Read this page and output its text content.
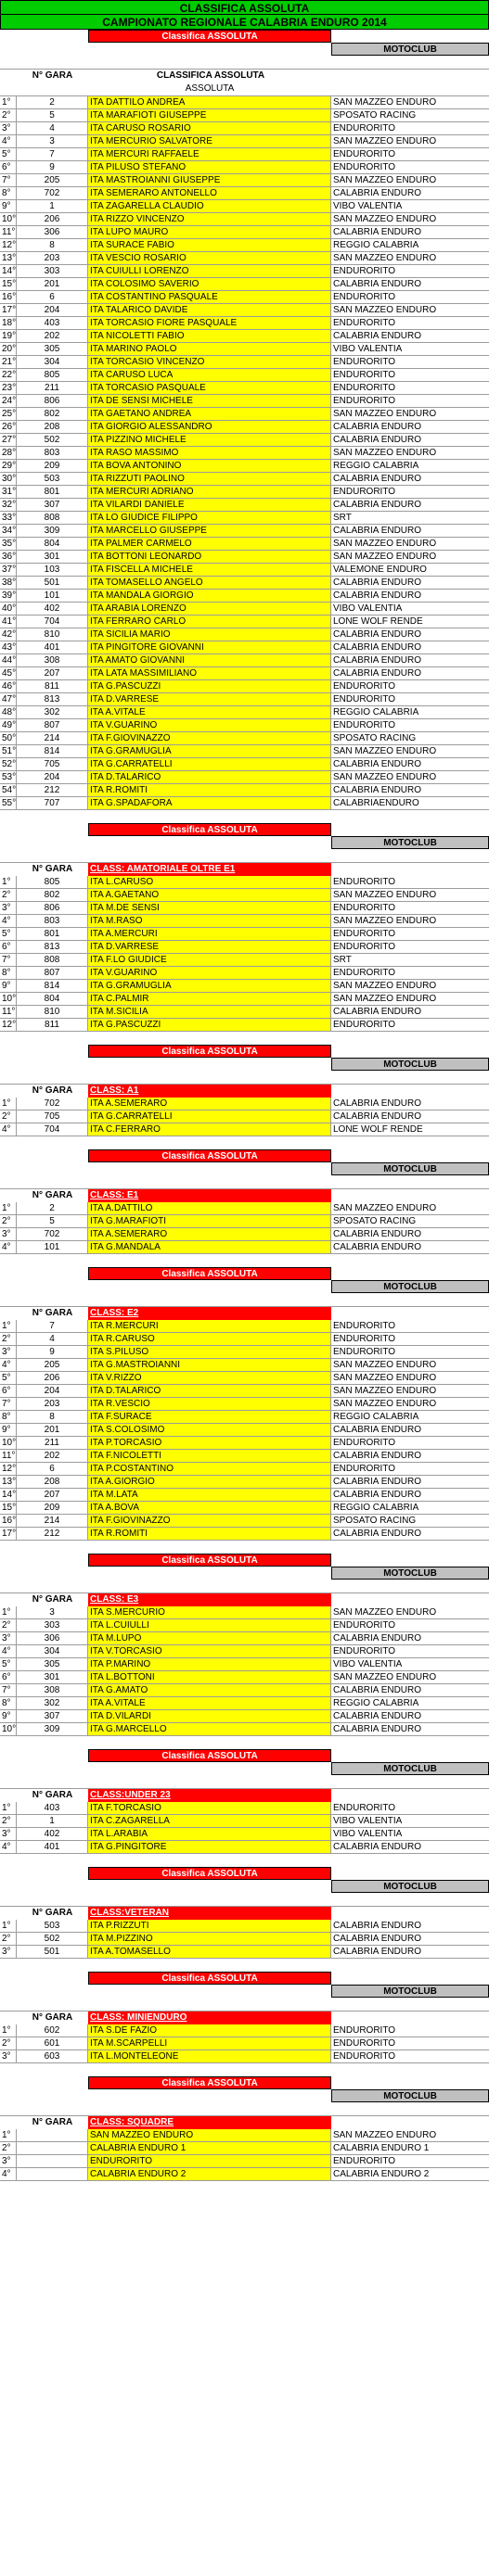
CLASSIFICA ASSOLUTA
CAMPIONATO REGIONALE CALABRIA ENDURO 2014
Classifica ASSOLUTA
MOTOCLUB
N° GARA	CLASSIFICA ASSOLUTA
ASSOLUTA
1°	2	ITA DATTILO ANDREA	SAN MAZZEO ENDURO
2°	5	ITA MARAFIOTI GIUSEPPE	SPOSATO RACING
3°	4	ITA CARUSO ROSARIO	ENDURORITO
4°	3	ITA MERCURIO SALVATORE	SAN MAZZEO ENDURO
5°	7	ITA MERCURI RAFFAELE	ENDURORITO
6°	9	ITA PILUSO STEFANO	ENDURORITO
7°	205	ITA MASTROIANNI GIUSEPPE	SAN MAZZEO ENDURO
8°	702	ITA SEMERARO ANTONELLO	CALABRIA ENDURO
9°	1	ITA ZAGARELLA CLAUDIO	VIBO VALENTIA
10°	206	ITA RIZZO VINCENZO	SAN MAZZEO ENDURO
11°	306	ITA LUPO MAURO	CALABRIA ENDURO
12°	8	ITA SURACE FABIO	REGGIO CALABRIA
13°	203	ITA VESCIO ROSARIO	SAN MAZZEO ENDURO
14°	303	ITA CUIULLI LORENZO	ENDURORITO
15°	201	ITA COLOSIMO SAVERIO	CALABRIA ENDURO
16°	6	ITA COSTANTINO PASQUALE	ENDURORITO
17°	204	ITA TALARICO DAVIDE	SAN MAZZEO ENDURO
18°	403	ITA TORCASIO FIORE PASQUALE	ENDURORITO
19°	202	ITA NICOLETTI FABIO	CALABRIA ENDURO
20°	305	ITA MARINO PAOLO	VIBO VALENTIA
21°	304	ITA TORCASIO VINCENZO	ENDURORITO
22°	805	ITA CARUSO LUCA	ENDURORITO
23°	211	ITA TORCASIO PASQUALE	ENDURORITO
24°	806	ITA DE SENSI MICHELE	ENDURORITO
25°	802	ITA GAETANO ANDREA	SAN MAZZEO ENDURO
26°	208	ITA GIORGIO ALESSANDRO	CALABRIA ENDURO
27°	502	ITA PIZZINO MICHELE	CALABRIA ENDURO
28°	803	ITA RASO MASSIMO	SAN MAZZEO ENDURO
29°	209	ITA BOVA ANTONINO	REGGIO CALABRIA
30°	503	ITA RIZZUTI PAOLINO	CALABRIA ENDURO
31°	801	ITA MERCURI ADRIANO	ENDURORITO
32°	307	ITA VILARDI DANIELE	CALABRIA ENDURO
33°	808	ITA LO GIUDICE FILIPPO	SRT
34°	309	ITA MARCELLO GIUSEPPE	CALABRIA ENDURO
35°	804	ITA PALMER CARMELO	SAN MAZZEO ENDURO
36°	301	ITA BOTTONI LEONARDO	SAN MAZZEO ENDURO
37°	103	ITA FISCELLA MICHELE	VALEMONE ENDURO
38°	501	ITA TOMASELLO ANGELO	CALABRIA ENDURO
39°	101	ITA MANDALA GIORGIO	CALABRIA ENDURO
40°	402	ITA ARABIA LORENZO	VIBO VALENTIA
41°	704	ITA FERRARO CARLO	LONE WOLF RENDE
42°	810	ITA SICILIA MARIO	CALABRIA ENDURO
43°	401	ITA PINGITORE GIOVANNI	CALABRIA ENDURO
44°	308	ITA AMATO GIOVANNI	CALABRIA ENDURO
45°	207	ITA LATA MASSIMILIANO	CALABRIA ENDURO
46°	811	ITA G.PASCUZZI	ENDURORITO
47°	813	ITA D.VARRESE	ENDURORITO
48°	302	ITA A.VITALE	REGGIO CALABRIA
49°	807	ITA V.GUARINO	ENDURORITO
50°	214	ITA F.GIOVINAZZO	SPOSATO RACING
51°	814	ITA G.GRAMUGLIA	SAN MAZZEO ENDURO
52°	705	ITA G.CARRATELLI	CALABRIA ENDURO
53°	204	ITA D.TALARICO	SAN MAZZEO ENDURO
54°	212	ITA R.ROMITI	CALABRIA ENDURO
55°	707	ITA G.SPADAFORA	CALABRIAENDURO
Classifica ASSOLUTA
MOTOCLUB
N° GARA	CLASS: AMATORIALE OLTRE E1
1°	805	ITA L.CARUSO	ENDURORITO
2°	802	ITA A.GAETANO	SAN MAZZEO ENDURO
3°	806	ITA M.DE SENSI	ENDURORITO
4°	803	ITA M.RASO	SAN MAZZEO ENDURO
5°	801	ITA A.MERCURI	ENDURORITO
6°	813	ITA D.VARRESE	ENDURORITO
7°	808	ITA F.LO GIUDICE	SRT
8°	807	ITA V.GUARINO	ENDURORITO
9°	814	ITA G.GRAMUGLIA	SAN MAZZEO ENDURO
10°	804	ITA C.PALMIR	SAN MAZZEO ENDURO
11°	810	ITA M.SICILIA	CALABRIA ENDURO
12°	811	ITA G.PASCUZZI	ENDURORITO
Classifica ASSOLUTA
MOTOCLUB
N° GARA	CLASS: A1
1°	702	ITA A.SEMERARO	CALABRIA ENDURO
2°	705	ITA G.CARRATELLI	CALABRIA ENDURO
4°	704	ITA C.FERRARO	LONE WOLF RENDE
Classifica ASSOLUTA
MOTOCLUB
N° GARA	CLASS: E1
1°	2	ITA A.DATTILO	SAN MAZZEO ENDURO
2°	5	ITA G.MARAFIOTI	SPOSATO RACING
3°	702	ITA A.SEMERARO	CALABRIA ENDURO
4°	101	ITA G.MANDALA	CALABRIA ENDURO
Classifica ASSOLUTA
MOTOCLUB
N° GARA	CLASS: E2
1°	7	ITA R.MERCURI	ENDURORITO
2°	4	ITA R.CARUSO	ENDURORITO
3°	9	ITA S.PILUSO	ENDURORITO
4°	205	ITA G.MASTROIANNI	SAN MAZZEO ENDURO
5°	206	ITA V.RIZZO	SAN MAZZEO ENDURO
6°	204	ITA D.TALARICO	SAN MAZZEO ENDURO
7°	203	ITA R.VESCIO	SAN MAZZEO ENDURO
8°	8	ITA F.SURACE	REGGIO CALABRIA
9°	201	ITA S.COLOSIMO	CALABRIA ENDURO
10°	211	ITA P.TORCASIO	ENDURORITO
11°	202	ITA F.NICOLETTI	CALABRIA ENDURO
12°	6	ITA P.COSTANTINO	ENDURORITO
13°	208	ITA A.GIORGIO	CALABRIA ENDURO
14°	207	ITA M.LATA	CALABRIA ENDURO
15°	209	ITA A.BOVA	REGGIO CALABRIA
16°	214	ITA F.GIOVINAZZO	SPOSATO RACING
17°	212	ITA R.ROMITI	CALABRIA ENDURO
Classifica ASSOLUTA
MOTOCLUB
N° GARA	CLASS: E3
1°	3	ITA S.MERCURIO	SAN MAZZEO ENDURO
2°	303	ITA L.CUIULLI	ENDURORITO
3°	306	ITA M.LUPO	CALABRIA ENDURO
4°	304	ITA V.TORCASIO	ENDURORITO
5°	305	ITA P.MARINO	VIBO VALENTIA
6°	301	ITA L.BOTTONI	SAN MAZZEO ENDURO
7°	308	ITA G.AMATO	CALABRIA ENDURO
8°	302	ITA A.VITALE	REGGIO CALABRIA
9°	307	ITA D.VILARDI	CALABRIA ENDURO
10°	309	ITA G.MARCELLO	CALABRIA ENDURO
Classifica ASSOLUTA
MOTOCLUB
N° GARA	CLASS:UNDER 23
1°	403	ITA F.TORCASIO	ENDURORITO
2°	1	ITA C.ZAGARELLA	VIBO VALENTIA
3°	402	ITA L.ARABIA	VIBO VALENTIA
4°	401	ITA G.PINGITORE	CALABRIA ENDURO
Classifica ASSOLUTA
MOTOCLUB
N° GARA	CLASS:VETERAN
1°	503	ITA P.RIZZUTI	CALABRIA ENDURO
2°	502	ITA M.PIZZINO	CALABRIA ENDURO
3°	501	ITA A.TOMASELLO	CALABRIA ENDURO
Classifica ASSOLUTA
MOTOCLUB
N° GARA	CLASS: MINIENDURO
1°	602	ITA S.DE FAZIO	ENDURORITO
2°	601	ITA M.SCARPELLI	ENDURORITO
3°	603	ITA L.MONTELEONE	ENDURORITO
Classifica ASSOLUTA
MOTOCLUB
N° GARA	CLASS: SQUADRE
1°	SAN MAZZEO ENDURO	SAN MAZZEO ENDURO
2°	CALABRIA ENDURO 1	CALABRIA ENDURO 1
3°	ENDURORITO	ENDURORITO
4°	CALABRIA ENDURO 2	CALABRIA ENDURO 2
